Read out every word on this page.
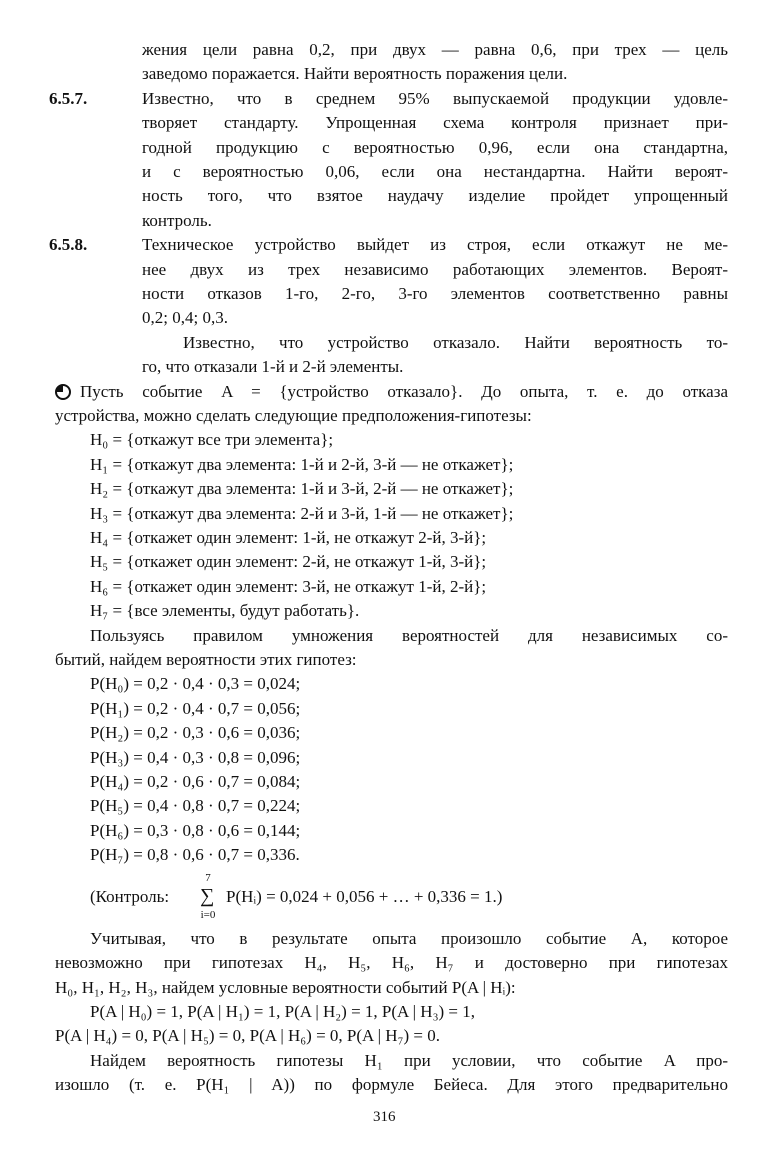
жения цели равна 0,2, при двух — равна 0,6, при трех — цель
заведомо поражается. Найти вероятность поражения цели.
6.5.7.	Известно, что в среднем 95% выпускаемой продукции удовле-
творяет стандарту. Упрощенная схема контроля признает при-
годной продукцию с вероятностью 0,96, если она стандартна,
и с вероятностью 0,06, если она нестандартна. Найти вероят-
ность того, что взятое наудачу изделие пройдет упрощенный
контроль.
6.5.8.	Техническое устройство выйдет из строя, если откажут не ме-
нее двух из трех независимо работающих элементов. Вероят-
ности отказов 1-го, 2-го, 3-го элементов соответственно равны
0,2; 0,4; 0,3.
Известно, что устройство отказало. Найти вероятность то-
го, что отказали 1-й и 2-й элементы.
Пусть событие A = {устройство отказало}. До опыта, т. е. до отказа
устройства, можно сделать следующие предположения-гипотезы:
H₀ = {откажут все три элемента};
H₁ = {откажут два элемента: 1-й и 2-й, 3-й — не откажет};
H₂ = {откажут два элемента: 1-й и 3-й, 2-й — не откажет};
H₃ = {откажут два элемента: 2-й и 3-й, 1-й — не откажет};
H₄ = {откажет один элемент: 1-й, не откажут 2-й, 3-й};
H₅ = {откажет один элемент: 2-й, не откажут 1-й, 3-й};
H₆ = {откажет один элемент: 3-й, не откажут 1-й, 2-й};
H₇ = {все элементы, будут работать}.
Пользуясь правилом умножения вероятностей для независимых со-
бытий, найдем вероятности этих гипотез:
P(H₀) = 0,2 · 0,4 · 0,3 = 0,024;
P(H₁) = 0,2 · 0,4 · 0,7 = 0,056;
P(H₂) = 0,2 · 0,3 · 0,6 = 0,036;
P(H₃) = 0,4 · 0,3 · 0,8 = 0,096;
P(H₄) = 0,2 · 0,6 · 0,7 = 0,084;
P(H₅) = 0,4 · 0,8 · 0,7 = 0,224;
P(H₆) = 0,3 · 0,8 · 0,6 = 0,144;
P(H₇) = 0,8 · 0,6 · 0,7 = 0,336.
(Контроль:
7
∑
i=0
P(Hᵢ) = 0,024 + 0,056 + … + 0,336 = 1.)
Учитывая, что в результате опыта произошло событие A, которое
невозможно при гипотезах H₄, H₅, H₆, H₇ и достоверно при гипотезах
H₀, H₁, H₂, H₃, найдем условные вероятности событий P(A | Hᵢ):
P(A | H₀) = 1, P(A | H₁) = 1, P(A | H₂) = 1, P(A | H₃) = 1,
P(A | H₄) = 0, P(A | H₅) = 0, P(A | H₆) = 0, P(A | H₇) = 0.
Найдем вероятность гипотезы H₁ при условии, что событие A про-
изошло (т. е. P(H₁ | A)) по формуле Бейеса. Для этого предварительно
316
